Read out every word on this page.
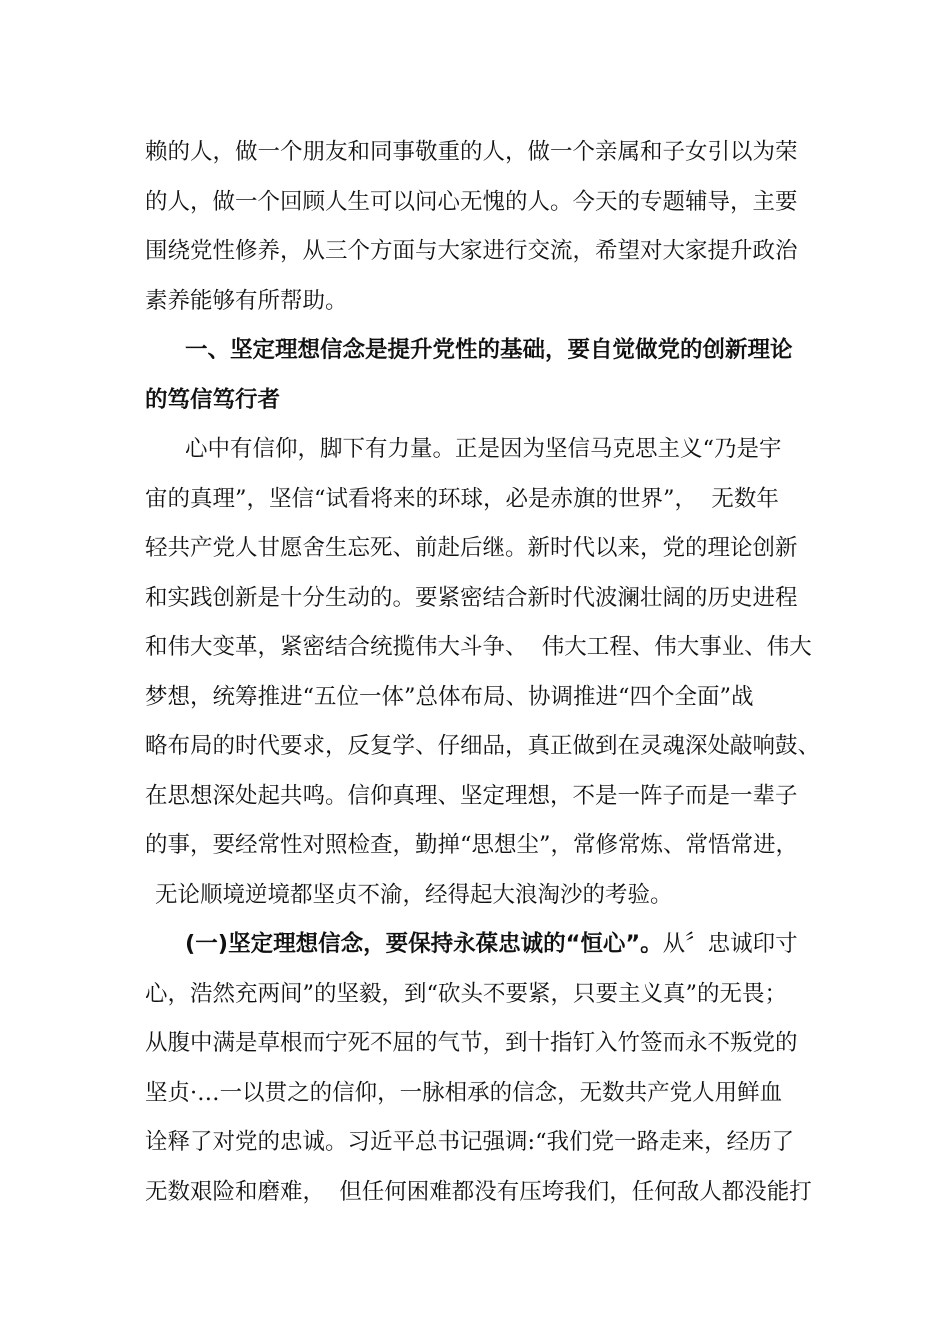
赖的人，做一个朋友和同事敬重的人，做一个亲属和子女引以为荣
的人，做一个回顾人生可以问心无愧的人。今天的专题辅导，主要
围绕党性修养，从三个方面与大家进行交流，希望对大家提升政治
素养能够有所帮助。
一、坚定理想信念是提升党性的基础，要自觉做党的创新理论
的笃信笃行者
心中有信仰，脚下有力量。正是因为坚信马克思主义“乃是宇
宙的真理”，坚信“试看将来的环球，必是赤旗的世界”，  无数年
轻共产党人甘愿舍生忘死、前赴后继。新时代以来，党的理论创新
和实践创新是十分生动的。要紧密结合新时代波澜壮阔的历史进程
和伟大变革，紧密结合统揽伟大斗争、  伟大工程、伟大事业、伟大
梦想，统筹推进“五位一体”总体布局、协调推进“四个全面”战
略布局的时代要求，反复学、仔细品，真正做到在灵魂深处敲响鼓、
在思想深处起共鸣。信仰真理、坚定理想，不是一阵子而是一辈子
的事，要经常性对照检查，勤掸“思想尘”，常修常炼、常悟常进，
无论顺境逆境都坚贞不渝，经得起大浪淘沙的考验。
(一)坚定理想信念，要保持永葆忠诚的“恒心”。从〞忠诚印寸
心，浩然充两间”的坚毅，到“砍头不要紧，只要主义真”的无畏；
从腹中满是草根而宁死不屈的气节，到十指钉入竹签而永不叛党的
坚贞·…一以贯之的信仰，一脉相承的信念，无数共产党人用鲜血
诠释了对党的忠诚。习近平总书记强调:“我们党一路走来，经历了
无数艰险和磨难，  但任何困难都没有压垮我们，任何敌人都没能打
